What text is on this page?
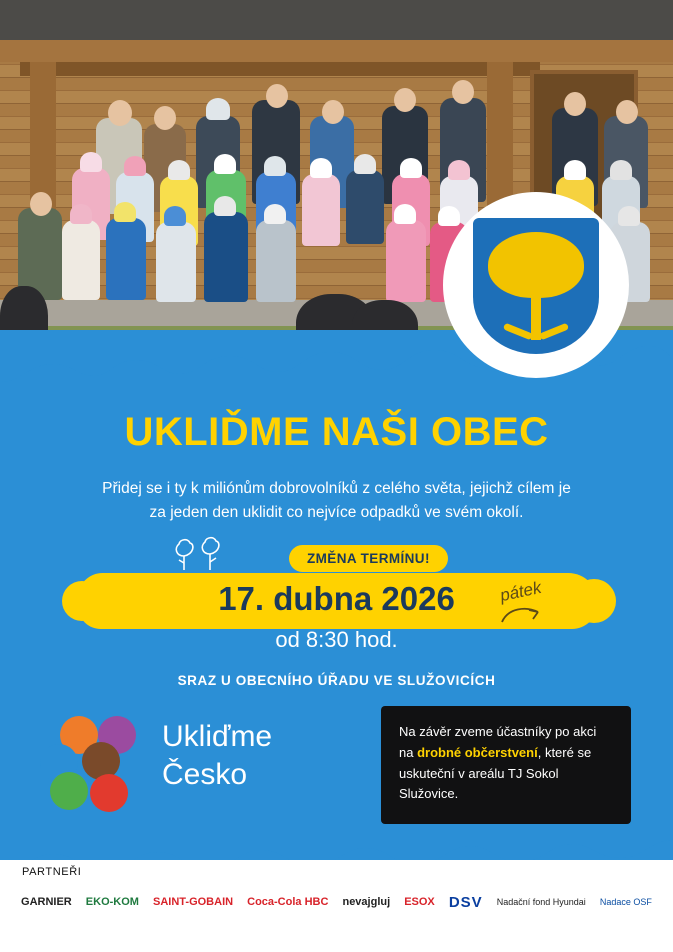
UKLIĎME NAŠI OBEC
Přidej se i ty k miliónům dobrovolníků z celého světa, jejichž cílem je
za jeden den uklidit co nejvíce odpadků ve svém okolí.
ZMĚNA TERMÍNU!
17. dubna 2026
od 8:30 hod.
pátek
SRAZ U OBECNÍHO ÚŘADU VE SLUŽOVICÍCH
Ukliďme
Česko
Na závěr zveme účastníky po akci na drobné občerstvení, které se uskuteční v areálu TJ Sokol Služovice.
PARTNEŘI
GARNIER EKO-KOM SAINT-GOBAIN Coca-Cola HBC nevajgluj ESOX DSV Nadační fond Hyundai Nadace OSF
